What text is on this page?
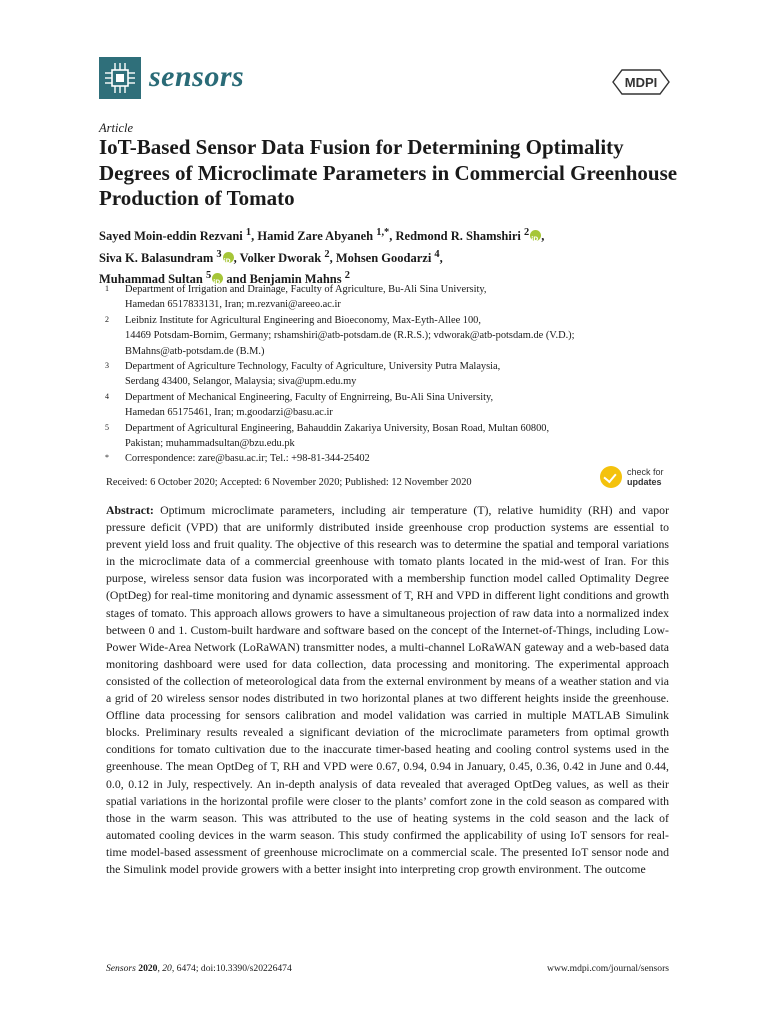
sensors	MDPI
Article
IoT-Based Sensor Data Fusion for Determining Optimality Degrees of Microclimate Parameters in Commercial Greenhouse Production of Tomato
Sayed Moin-eddin Rezvani $^1$, Hamid Zare Abyaneh $^{1,*}$, Redmond R. Shamshiri $^2$ iD ,
Siva K. Balasundram $^3$ iD , Volker Dworak $^2$, Mohsen Goodarzi $^4$,
Muhammad Sultan $^5$ iD and Benjamin Mahns $^2$
1 Department of Irrigation and Drainage, Faculty of Agriculture, Bu-Ali Sina University,
Hamedan 6517833131, Iran; m.rezvani@areeo.ac.ir
2 Leibniz Institute for Agricultural Engineering and Bioeconomy, Max-Eyth-Allee 100,
14469 Potsdam-Bornim, Germany; rshamshiri@atb-potsdam.de (R.R.S.); vdworak@atb-potsdam.de (V.D.);
BMahns@atb-potsdam.de (B.M.)
3 Department of Agriculture Technology, Faculty of Agriculture, University Putra Malaysia,
Serdang 43400, Selangor, Malaysia; siva@upm.edu.my
4 Department of Mechanical Engineering, Faculty of Engnirreing, Bu-Ali Sina University,
Hamedan 65175461, Iran; m.goodarzi@basu.ac.ir
5 Department of Agricultural Engineering, Bahauddin Zakariya University, Bosan Road, Multan 60800,
Pakistan; muhammadsultan@bzu.edu.pk
* Correspondence: zare@basu.ac.ir; Tel.: +98-81-344-25402
Received: 6 October 2020; Accepted: 6 November 2020; Published: 12 November 2020
check for
updates
Abstract: Optimum microclimate parameters, including air temperature (T), relative humidity (RH) and vapor pressure deficit (VPD) that are uniformly distributed inside greenhouse crop production systems are essential to prevent yield loss and fruit quality. The objective of this research was to determine the spatial and temporal variations in the microclimate data of a commercial greenhouse with tomato plants located in the mid-west of Iran. For this purpose, wireless sensor data fusion was incorporated with a membership function model called Optimality Degree (OptDeg) for real-time monitoring and dynamic assessment of T, RH and VPD in different light conditions and growth stages of tomato. This approach allows growers to have a simultaneous projection of raw data into a normalized index between 0 and 1. Custom-built hardware and software based on the concept of the Internet-of-Things, including Low-Power Wide-Area Network (LoRaWAN) transmitter nodes, a multi-channel LoRaWAN gateway and a web-based data monitoring dashboard were used for data collection, data processing and monitoring. The experimental approach consisted of the collection of meteorological data from the external environment by means of a weather station and via a grid of 20 wireless sensor nodes distributed in two horizontal planes at two different heights inside the greenhouse. Offline data processing for sensors calibration and model validation was carried in multiple MATLAB Simulink blocks. Preliminary results revealed a significant deviation of the microclimate parameters from optimal growth conditions for tomato cultivation due to the inaccurate timer-based heating and cooling control systems used in the greenhouse. The mean OptDeg of T, RH and VPD were 0.67, 0.94, 0.94 in January, 0.45, 0.36, 0.42 in June and 0.44, 0.0, 0.12 in July, respectively. An in-depth analysis of data revealed that averaged OptDeg values, as well as their spatial variations in the horizontal profile were closer to the plants’ comfort zone in the cold season as compared with those in the warm season. This was attributed to the use of heating systems in the cold season and the lack of automated cooling devices in the warm season. This study confirmed the applicability of using IoT sensors for real-time model-based assessment of greenhouse microclimate on a commercial scale. The presented IoT sensor node and the Simulink model provide growers with a better insight into interpreting crop growth environment. The outcome
Sensors 2020, 20, 6474; doi:10.3390/s20226474	www.mdpi.com/journal/sensors
